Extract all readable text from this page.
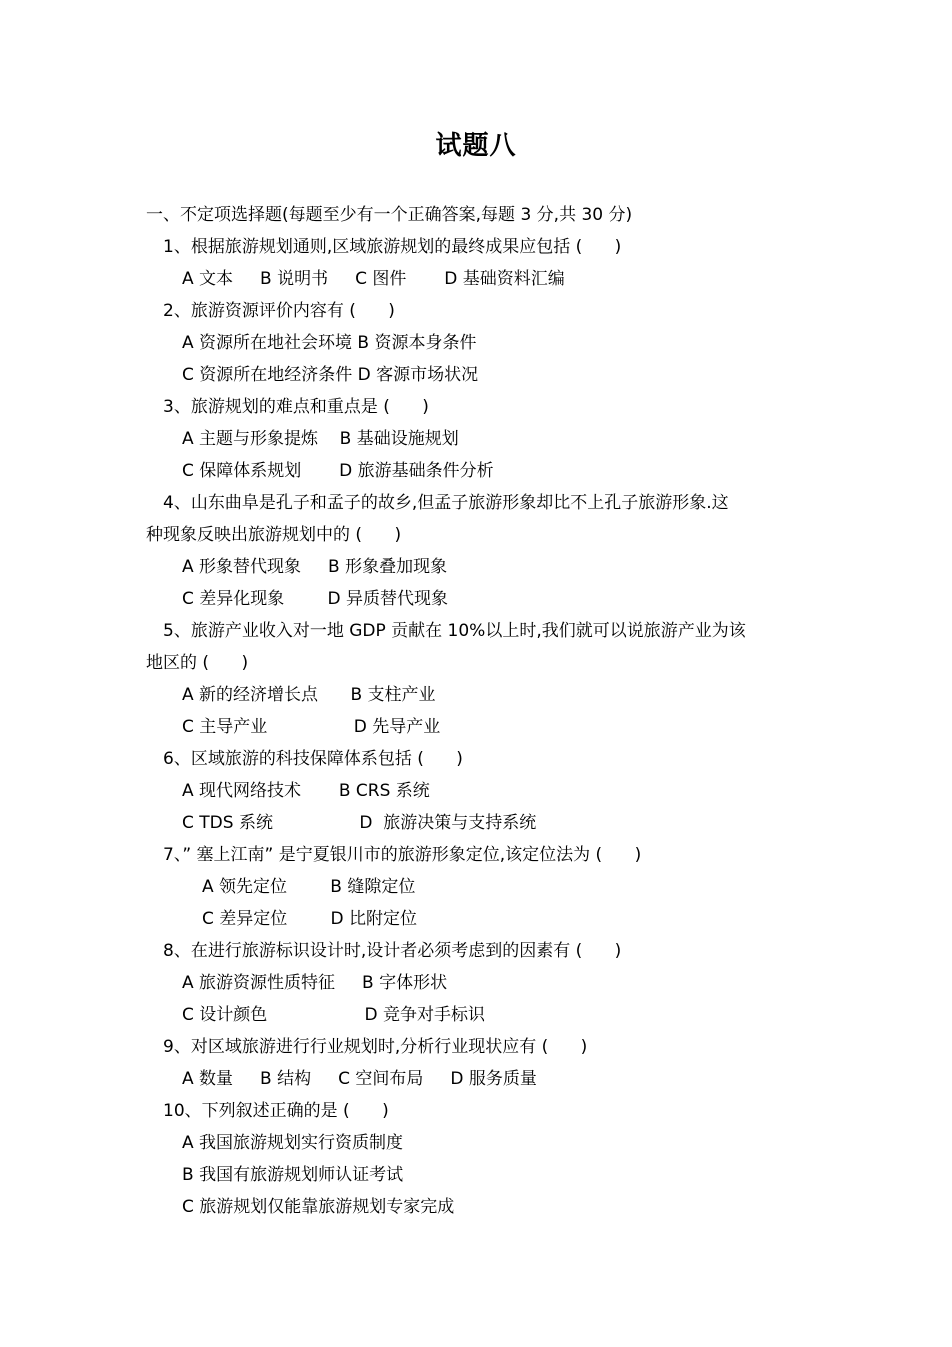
试题八
一、不定项选择题(每题至少有一个正确答案,每题 3 分,共 30 分)
1、根据旅游规划通则,区域旅游规划的最终成果应包括 (      )
A 文本     B 说明书     C 图件       D 基础资料汇编
2、旅游资源评价内容有 (      )
A 资源所在地社会环境 B 资源本身条件
C 资源所在地经济条件 D 客源市场状况
3、旅游规划的难点和重点是 (      )
A 主题与形象提炼    B 基础设施规划
C 保障体系规划       D 旅游基础条件分析
4、山东曲阜是孔子和孟子的故乡,但孟子旅游形象却比不上孔子旅游形象.这
种现象反映出旅游规划中的 (      )
A 形象替代现象     B 形象叠加现象
C 差异化现象        D 异质替代现象
5、旅游产业收入对一地 GDP 贡献在 10%以上时,我们就可以说旅游产业为该
地区的 (      )
A 新的经济增长点      B 支柱产业
C 主导产业                D 先导产业
6、区域旅游的科技保障体系包括 (      )
A 现代网络技术       B CRS 系统
C TDS 系统                D  旅游决策与支持系统
7、” 塞上江南” 是宁夏银川市的旅游形象定位,该定位法为 (      )
A 领先定位        B 缝隙定位
C 差异定位        D 比附定位
8、在进行旅游标识设计时,设计者必须考虑到的因素有 (      )
A 旅游资源性质特征     B 字体形状
C 设计颜色                  D 竞争对手标识
9、对区域旅游进行行业规划时,分析行业现状应有 (      )
A 数量     B 结构     C 空间布局     D 服务质量
10、下列叙述正确的是 (      )
A 我国旅游规划实行资质制度
B 我国有旅游规划师认证考试
C 旅游规划仅能靠旅游规划专家完成
